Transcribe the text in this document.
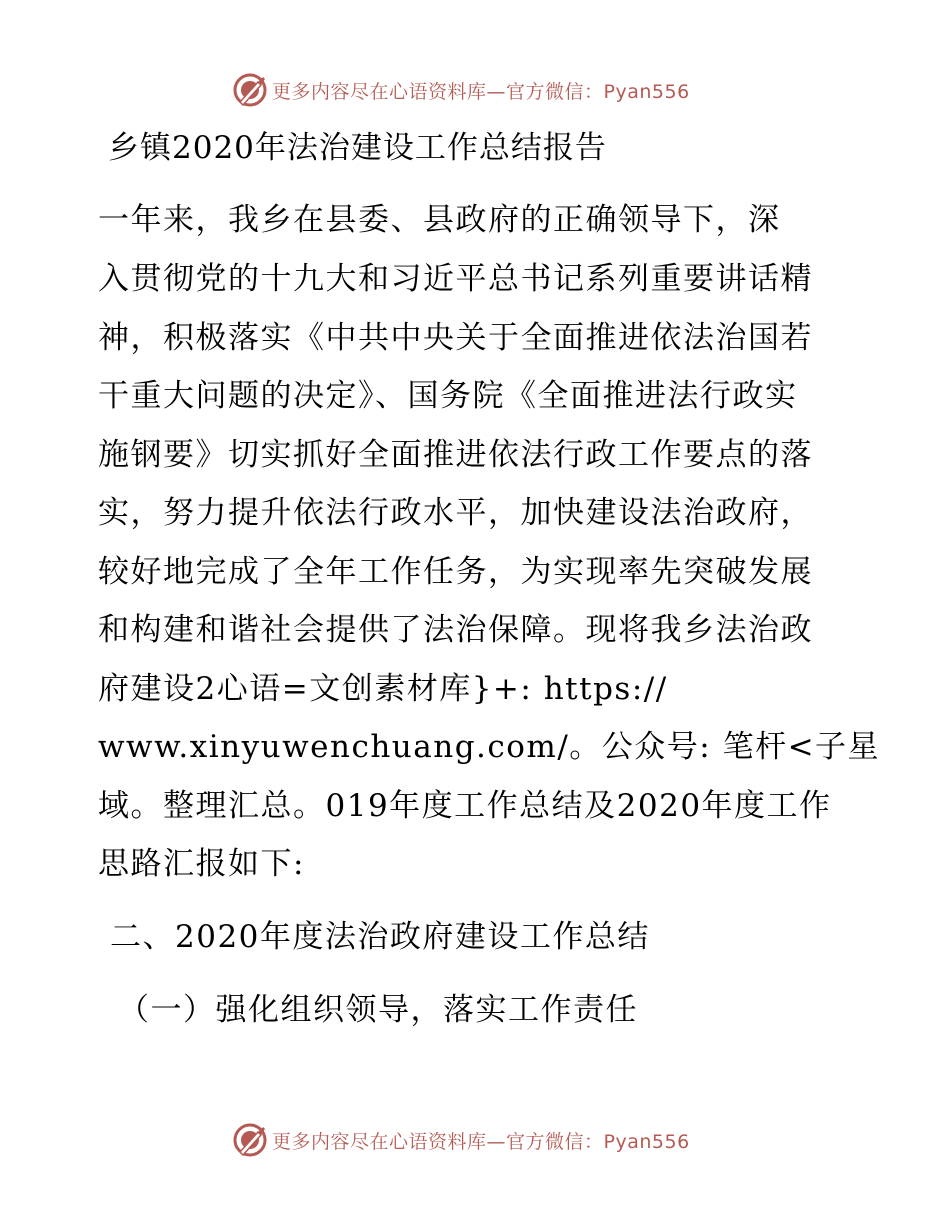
更多内容尽在心语资料库—官方微信：Pyan556
乡镇2020年法治建设工作总结报告
一年来，我乡在县委、县政府的正确领导下，深
入贯彻党的十九大和习近平总书记系列重要讲话精
神，积极落实《中共中央关于全面推进依法治国若
干重大问题的决定》、国务院《全面推进法行政实
施钢要》切实抓好全面推进依法行政工作要点的落
实，努力提升依法行政水平，加快建设法治政府，
较好地完成了全年工作任务，为实现率先突破发展
和构建和谐社会提供了法治保障。现将我乡法治政
府建设2心语=文创素材库}+: https://
www.xinyuwenchuang.com/。公众号: 笔杆<子星
域。整理汇总。019年度工作总结及2020年度工作
思路汇报如下:
二、2020年度法治政府建设工作总结
（一）强化组织领导，落实工作责任
更多内容尽在心语资料库—官方微信：Pyan556
